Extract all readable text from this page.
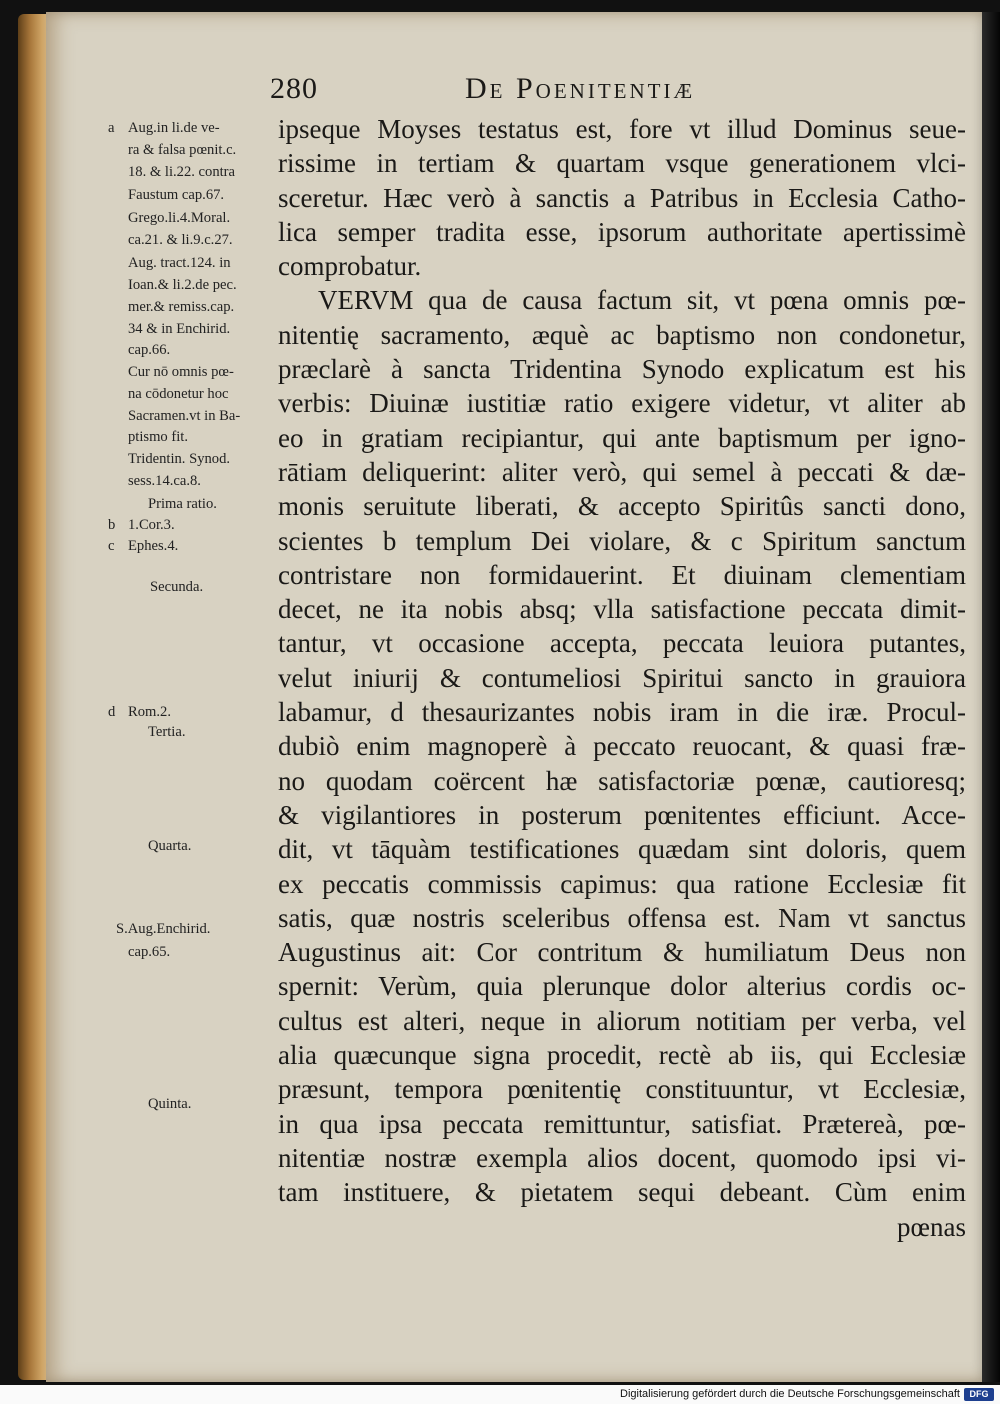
280	De Poenitentiæ
a Aug.in li.de ve-
ra & falsa pœnit.c.
18. & li.22. contra
Faustum cap.67.
Grego.li.4.Moral.
ca.21. & li.9.c.27.
Aug. tract.124. in
Ioan.& li.2.de pec.
mer.& remiss.cap.
34 & in Enchirid.
cap.66.
Cur nō omnis pœ-
na cōdonetur hoc
Sacramen.vt in Ba-
ptismo fit.
Tridentin. Synod.
sess.14.ca.8.
Prima ratio.
b 1.Cor.3.
c Ephes.4.
Secunda.
d Rom.2.
Tertia.
Quarta.
S.Aug.Enchirid.
cap.65.
Quinta.
ipseque Moyses testatus est, fore vt illud Dominus seue-
rissime in tertiam & quartam vsque generationem vlci-
sceretur. Hæc verò à sanctis a Patribus in Ecclesia Catho-
lica semper tradita esse, ipsorum authoritate apertissimè
comprobatur.
VERVM qua de causa factum sit, vt pœna omnis pœ-
nitentię sacramento, æquè ac baptismo non condonetur,
præclarè à sancta Tridentina Synodo explicatum est his
verbis: Diuinæ iustitiæ ratio exigere videtur, vt aliter ab
eo in gratiam recipiantur, qui ante baptismum per igno-
rātiam deliquerint: aliter verò, qui semel à peccati & dæ-
monis seruitute liberati, & accepto Spiritûs sancti dono,
scientes b templum Dei violare, & c Spiritum sanctum
contristare non formidauerint. Et diuinam clementiam
decet, ne ita nobis absq; vlla satisfactione peccata dimit-
tantur, vt occasione accepta, peccata leuiora putantes,
velut iniurij & contumeliosi Spiritui sancto in grauiora
labamur, d thesaurizantes nobis iram in die iræ. Procul-
dubiò enim magnoperè à peccato reuocant, & quasi fræ-
no quodam coërcent hæ satisfactoriæ pœnæ, cautioresq;
& vigilantiores in posterum pœnitentes efficiunt. Acce-
dit, vt tāquàm testificationes quædam sint doloris, quem
ex peccatis commissis capimus: qua ratione Ecclesiæ fit
satis, quæ nostris sceleribus offensa est. Nam vt sanctus
Augustinus ait: Cor contritum & humiliatum Deus non
spernit: Verùm, quia plerunque dolor alterius cordis oc-
cultus est alteri, neque in aliorum notitiam per verba, vel
alia quæcunque signa procedit, rectè ab iis, qui Ecclesiæ
præsunt, tempora pœnitentię constituuntur, vt Ecclesiæ,
in qua ipsa peccata remittuntur, satisfiat. Prætereà, pœ-
nitentiæ nostræ exempla alios docent, quomodo ipsi vi-
tam instituere, & pietatem sequi debeant. Cùm enim
pœnas
Digitalisierung gefördert durch die Deutsche Forschungsgemeinschaft	DFG
